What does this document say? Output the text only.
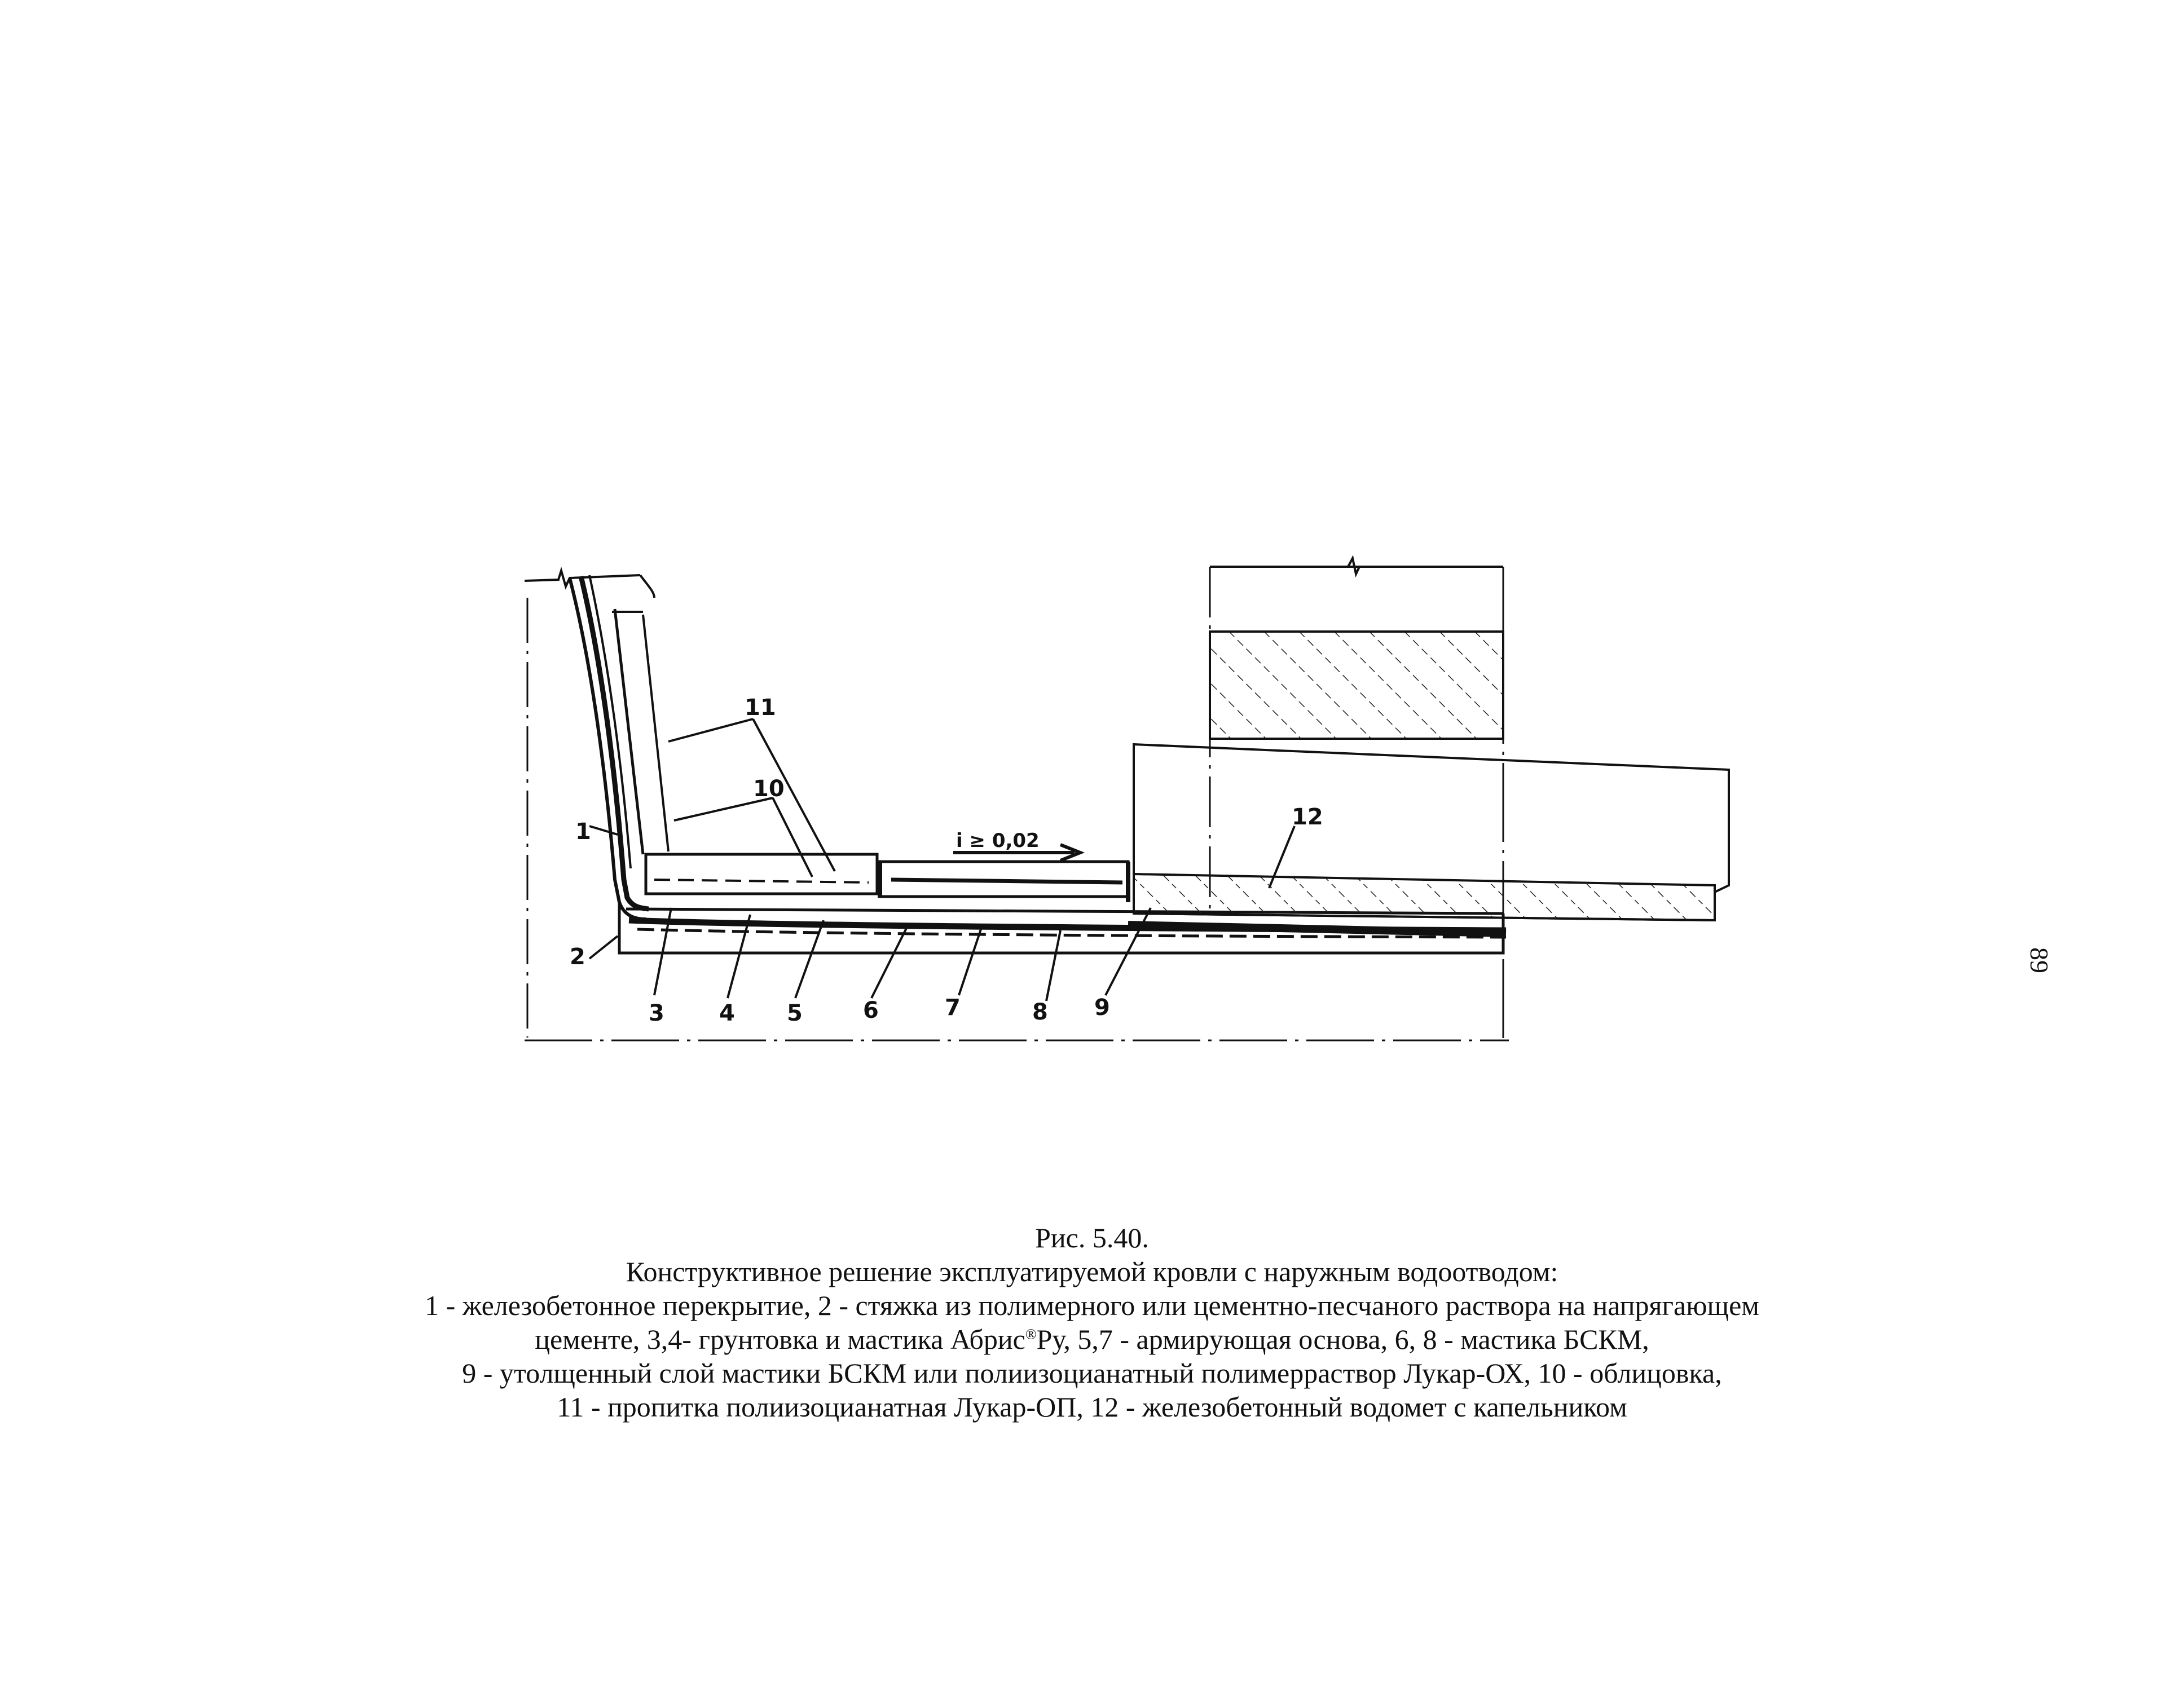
i ≥ 0,02
1
2
3 4 5	6	7	8 9
10
11
12
89
Рис. 5.40.
Конструктивное решение эксплуатируемой кровли с наружным водоотводом:
1 - железобетонное перекрытие, 2 - стяжка из полимерного или цементно-песчаного раствора на напрягающем
цементе, 3,4- грунтовка и мастика Абрис®Ру, 5,7 - армирующая основа, 6, 8 - мастика БСКМ,
9 - утолщенный слой мастики БСКМ или полиизоцианатный полимерраствор Лукар-ОХ, 10 - облицовка,
11 - пропитка полиизоцианатная Лукар-ОП, 12 - железобетонный водомет с капельником
